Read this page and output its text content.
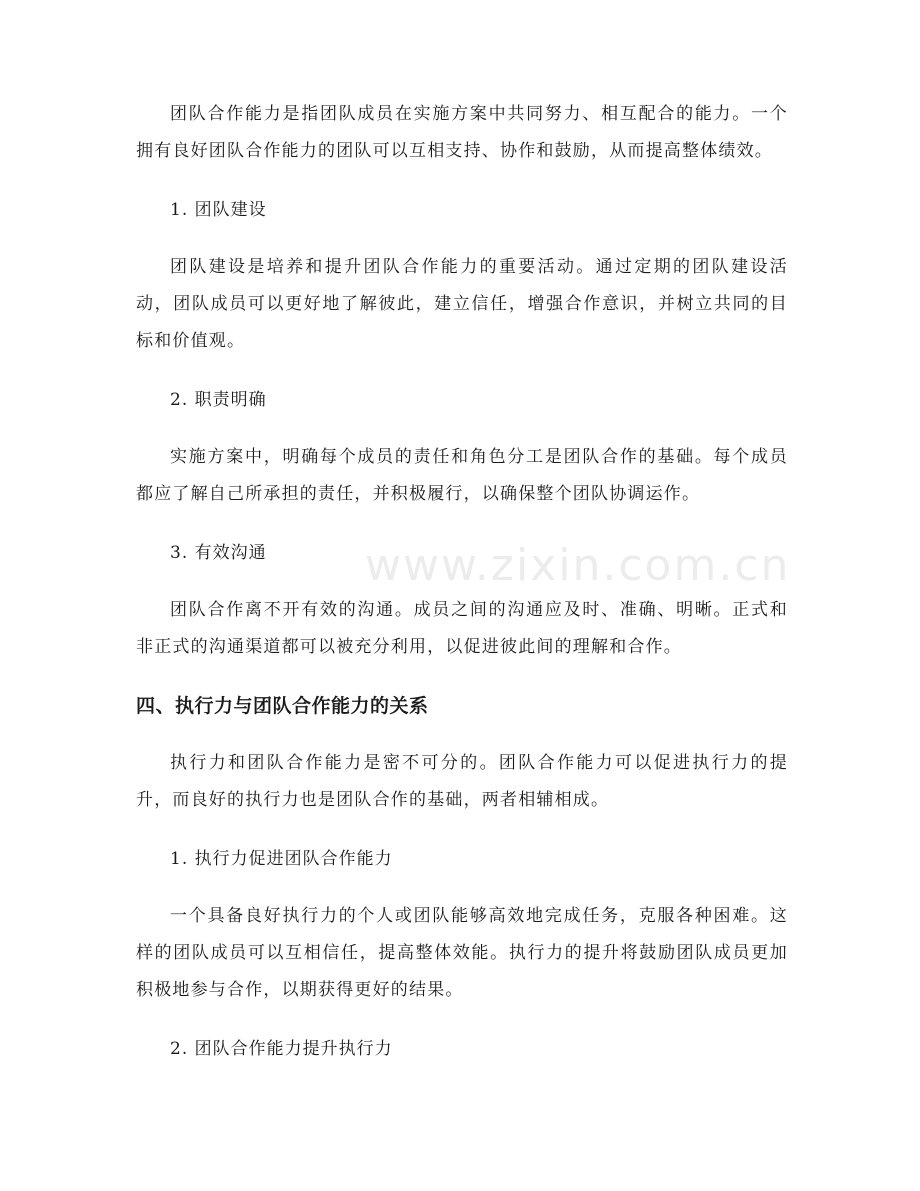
团队合作能力是指团队成员在实施方案中共同努力、相互配合的能力。一个拥有良好团队合作能力的团队可以互相支持、协作和鼓励，从而提高整体绩效。

1. 团队建设

团队建设是培养和提升团队合作能力的重要活动。通过定期的团队建设活动，团队成员可以更好地了解彼此，建立信任，增强合作意识，并树立共同的目标和价值观。

2. 职责明确

实施方案中，明确每个成员的责任和角色分工是团队合作的基础。每个成员都应了解自己所承担的责任，并积极履行，以确保整个团队协调运作。

3. 有效沟通

团队合作离不开有效的沟通。成员之间的沟通应及时、准确、明晰。正式和非正式的沟通渠道都可以被充分利用，以促进彼此间的理解和合作。

四、执行力与团队合作能力的关系

执行力和团队合作能力是密不可分的。团队合作能力可以促进执行力的提升，而良好的执行力也是团队合作的基础，两者相辅相成。

1. 执行力促进团队合作能力

一个具备良好执行力的个人或团队能够高效地完成任务，克服各种困难。这样的团队成员可以互相信任，提高整体效能。执行力的提升将鼓励团队成员更加积极地参与合作，以期获得更好的结果。

2. 团队合作能力提升执行力
www.zixin.com.cn
